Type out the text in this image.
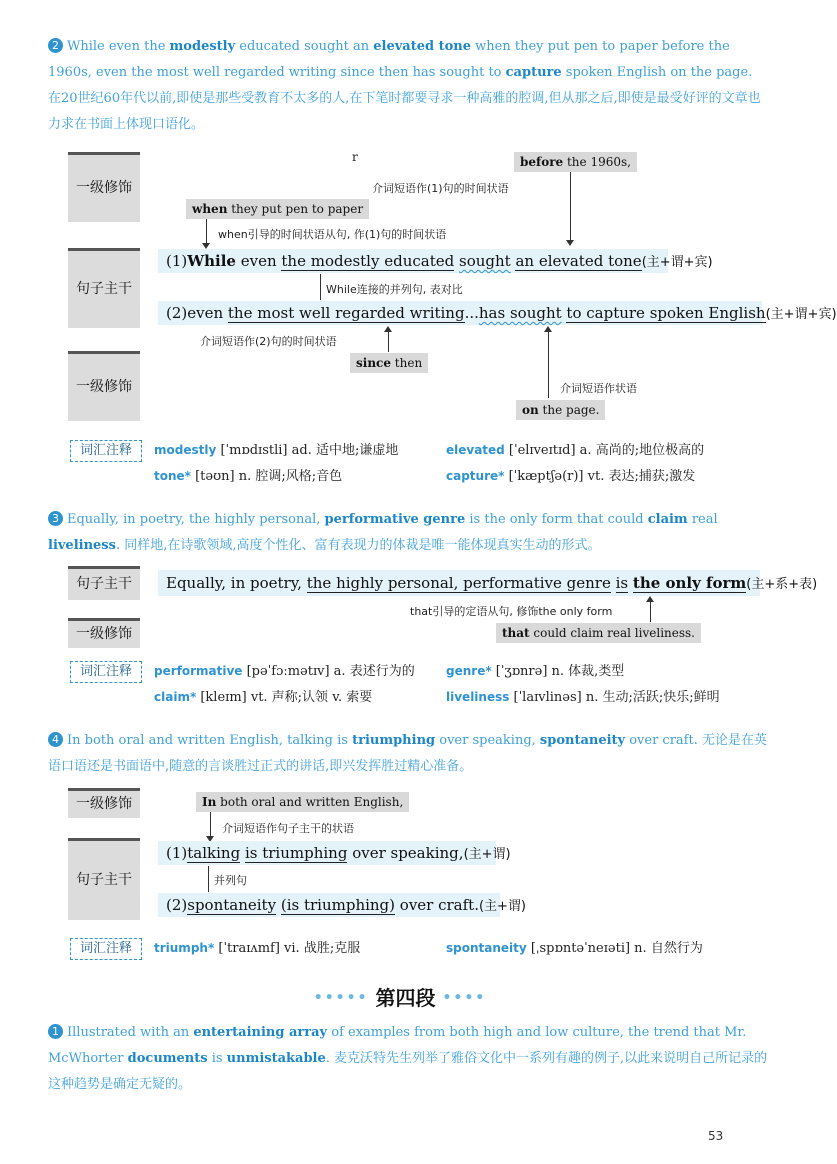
2 While even the modestly educated sought an elevated tone when they put pen to paper before the 1960s, even the most well regarded writing since then has sought to capture spoken English on the page. 在20世纪60年代以前,即使是那些受教育不太多的人,在下笔时都要寻求一种高雅的腔调,但从那之后,即使是最受好评的文章也力求在书面上体现口语化。
一级修饰
句子主干
一级修饰
r	before the 1960s,
介词短语作(1)句的时间状语
when they put pen to paper
when引导的时间状语从句, 作(1)句的时间状语
(1)While even the modestly educated sought an elevated tone(主+谓+宾)
While连接的并列句, 表对比
(2)even the most well regarded writing...has sought to capture spoken English(主+谓+宾)
介词短语作(2)句的时间状语
since then
介词短语作状语
on the page.
词汇注释	modestly [ˈmɒdɪstli] ad. 适中地;谦虚地	elevated [ˈelɪveɪtɪd] a. 高尚的;地位极高的
tone* [təʊn] n. 腔调;风格;音色	capture* [ˈkæptʃə(r)] vt. 表达;捕获;激发
3 Equally, in poetry, the highly personal, performative genre is the only form that could claim real liveliness. 同样地,在诗歌领域,高度个性化、富有表现力的体裁是唯一能体现真实生动的形式。
句子主干
一级修饰
Equally, in poetry, the highly personal, performative genre is the only form(主+系+表)
that引导的定语从句, 修饰the only form
that could claim real liveliness.
词汇注释	performative [pəˈfɔːmətɪv] a. 表述行为的	genre* [ˈʒɒnrə] n. 体裁,类型
claim* [kleɪm] vt. 声称;认领 v. 索要	liveliness [ˈlaɪvlinəs] n. 生动;活跃;快乐;鲜明
4 In both oral and written English, talking is triumphing over speaking, spontaneity over craft. 无论是在英语口语还是书面语中,随意的言谈胜过正式的讲话,即兴发挥胜过精心准备。
一级修饰
句子主干
In both oral and written English,
介词短语作句子主干的状语
(1)talking is triumphing over speaking,(主+谓)
并列句
(2)spontaneity (is triumphing) over craft.(主+谓)
词汇注释	triumph* [ˈtraɪʌmf] vi. 战胜;克服	spontaneity [ˌspɒntəˈneɪəti] n. 自然行为
••••• 第四段 ••••
1 Illustrated with an entertaining array of examples from both high and low culture, the trend that Mr. McWhorter documents is unmistakable. 麦克沃特先生列举了雅俗文化中一系列有趣的例子,以此来说明自己所记录的这种趋势是确定无疑的。
53
